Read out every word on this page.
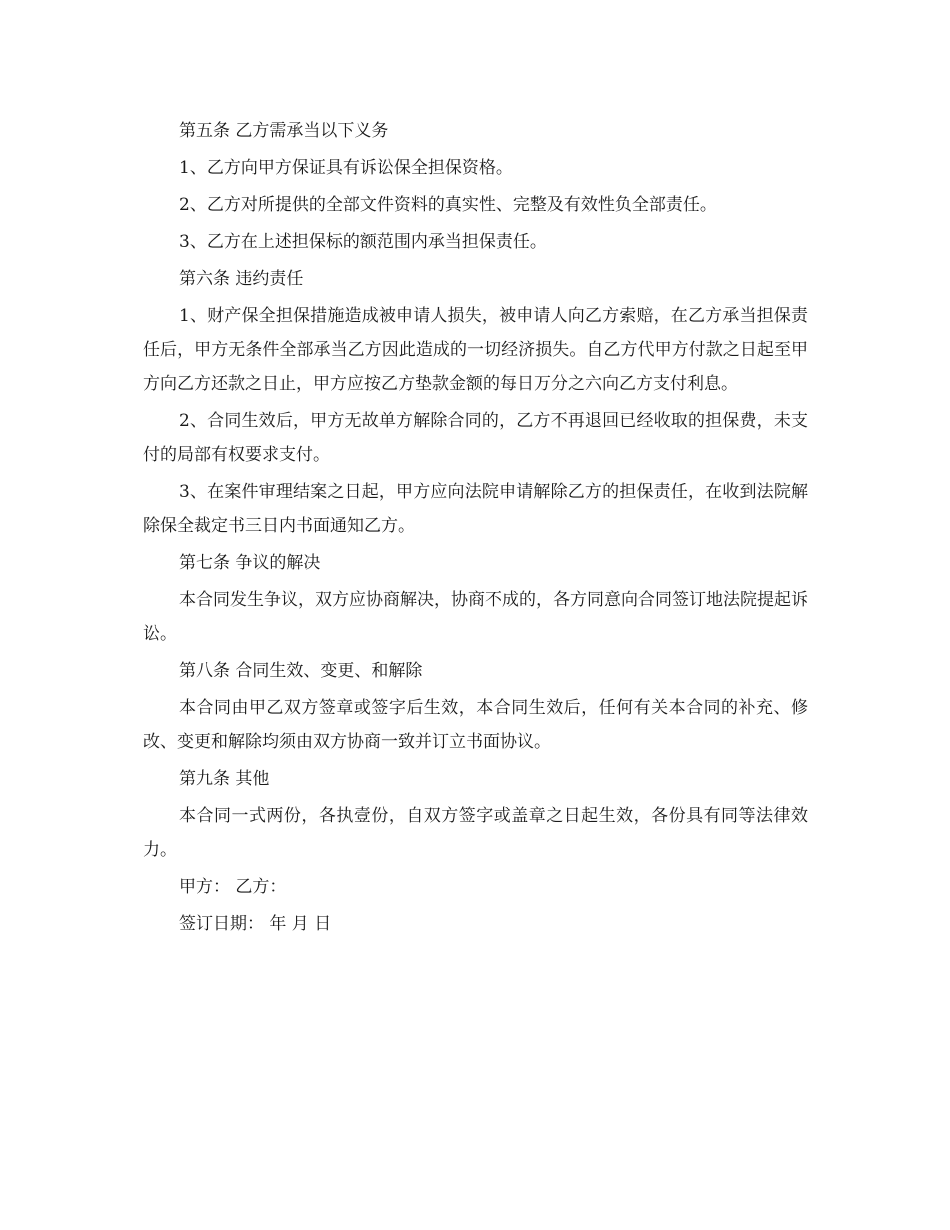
第五条 乙方需承当以下义务

1、乙方向甲方保证具有诉讼保全担保资格。

2、乙方对所提供的全部文件资料的真实性、完整及有效性负全部责任。

3、乙方在上述担保标的额范围内承当担保责任。

第六条 违约责任

1、财产保全担保措施造成被申请人损失，被申请人向乙方索赔，在乙方承当担保责任后，甲方无条件全部承当乙方因此造成的一切经济损失。自乙方代甲方付款之日起至甲方向乙方还款之日止，甲方应按乙方垫款金额的每日万分之六向乙方支付利息。

2、合同生效后，甲方无故单方解除合同的，乙方不再退回已经收取的担保费，未支付的局部有权要求支付。

3、在案件审理结案之日起，甲方应向法院申请解除乙方的担保责任，在收到法院解除保全裁定书三日内书面通知乙方。

第七条 争议的解决

本合同发生争议，双方应协商解决，协商不成的，各方同意向合同签订地法院提起诉讼。

第八条 合同生效、变更、和解除

本合同由甲乙双方签章或签字后生效，本合同生效后，任何有关本合同的补充、修改、变更和解除均须由双方协商一致并订立书面协议。

第九条 其他

本合同一式两份，各执壹份，自双方签字或盖章之日起生效，各份具有同等法律效力。

甲方： 乙方：

签订日期： 年 月 日
